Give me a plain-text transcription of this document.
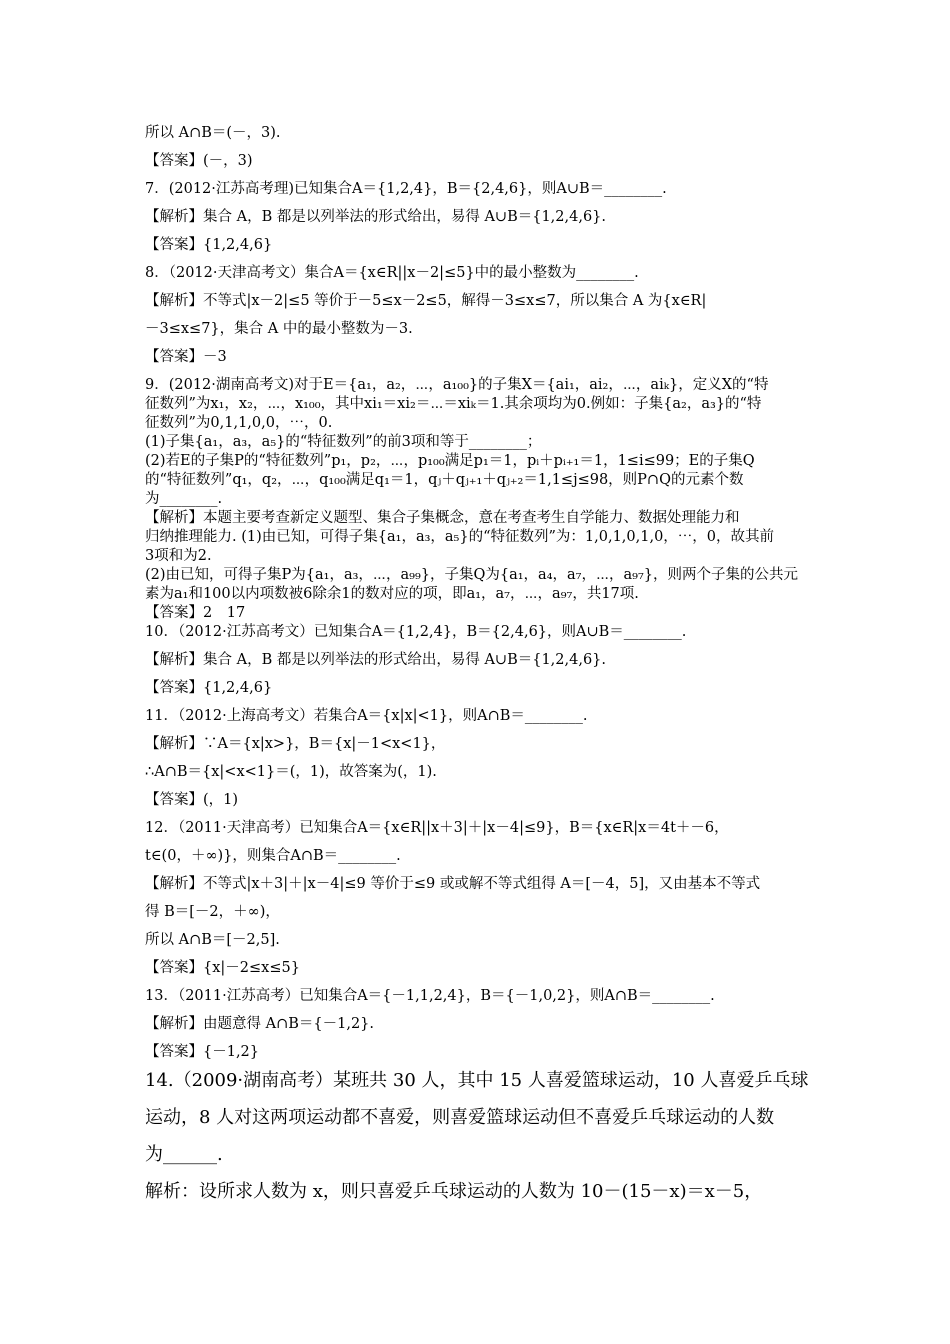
所以 A∩B＝(－，3).
【答案】(－，3)
7．(2012·江苏高考理)已知集合A＝{1,2,4}，B＝{2,4,6}，则A∪B＝________.
【解析】集合 A，B 都是以列举法的形式给出，易得 A∪B＝{1,2,4,6}.
【答案】{1,2,4,6}
8．（2012·天津高考文）集合A＝{x∈R||x－2|≤5}中的最小整数为________.
【解析】不等式|x－2|≤5 等价于－5≤x－2≤5，解得－3≤x≤7，所以集合 A 为{x∈R|
－3≤x≤7}，集合 A 中的最小整数为－3.
【答案】－3
9．(2012·湖南高考文)对于E＝{a₁，a₂，⋯，a₁₀₀}的子集X＝{ai₁，ai₂，⋯，aiₖ}，定义X的“特
征数列”为x₁，x₂，⋯，x₁₀₀，其中xi₁＝xi₂＝⋯＝xiₖ＝1.其余项均为0.例如：子集{a₂，a₃}的“特
征数列”为0,1,1,0,0，⋯，0.
(1)子集{a₁，a₃，a₅}的“特征数列”的前3项和等于________；
(2)若E的子集P的“特征数列”p₁，p₂，⋯，p₁₀₀满足p₁＝1，pᵢ＋pᵢ₊₁＝1，1≤i≤99；E的子集Q
的“特征数列”q₁，q₂，⋯，q₁₀₀满足q₁＝1，qⱼ＋qⱼ₊₁＋qⱼ₊₂＝1,1≤j≤98，则P∩Q的元素个数
为________.
【解析】本题主要考查新定义题型、集合子集概念，意在考查考生自学能力、数据处理能力和
归纳推理能力. (1)由已知，可得子集{a₁，a₃，a₅}的“特征数列”为：1,0,1,0,1,0，⋯，0，故其前
3项和为2.
(2)由已知，可得子集P为{a₁，a₃，⋯，a₉₉}，子集Q为{a₁，a₄，a₇，⋯，a₉₇}，则两个子集的公共元
素为a₁和100以内项数被6除余1的数对应的项，即a₁，a₇，⋯，a₉₇，共17项.
【答案】2　17
10．（2012·江苏高考文）已知集合A＝{1,2,4}，B＝{2,4,6}，则A∪B＝________.
【解析】集合 A，B 都是以列举法的形式给出，易得 A∪B＝{1,2,4,6}.
【答案】{1,2,4,6}
11．（2012·上海高考文）若集合A＝{x|x|<1}，则A∩B＝________.
【解析】∵A＝{x|x>}，B＝{x|－1<x<1}，
∴A∩B＝{x|<x<1}＝(，1)，故答案为(，1).
【答案】(，1)
12．（2011·天津高考）已知集合A＝{x∈R||x＋3|＋|x－4|≤9}，B＝{x∈R|x＝4t＋－6，
t∈(0，＋∞)}，则集合A∩B＝________.
【解析】不等式|x＋3|＋|x－4|≤9 等价于≤9 或或解不等式组得 A＝[－4，5]，又由基本不等式
得 B＝[－2，＋∞)，
所以 A∩B＝[－2,5].
【答案】{x|－2≤x≤5}
13．（2011·江苏高考）已知集合A＝{－1,1,2,4}，B＝{－1,0,2}，则A∩B＝________.
【解析】由题意得 A∩B＝{－1,2}.
【答案】{－1,2}
14.（2009·湖南高考）某班共 30 人，其中 15 人喜爱篮球运动，10 人喜爱乒乓球
运动，8 人对这两项运动都不喜爱，则喜爱篮球运动但不喜爱乒乓球运动的人数
为______.
解析：设所求人数为 x，则只喜爱乒乓球运动的人数为 10－(15－x)＝x－5，
